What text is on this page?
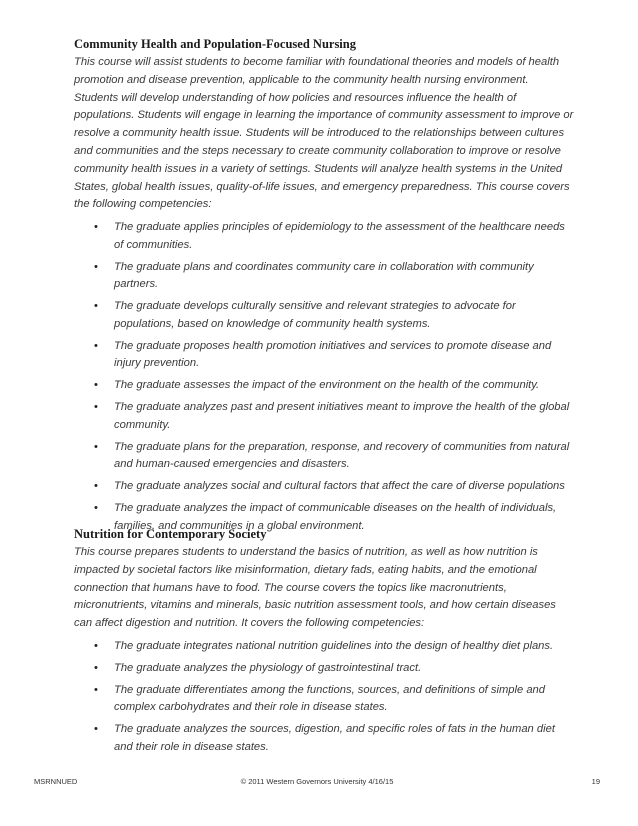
Community Health and Population-Focused Nursing

This course will assist students to become familiar with foundational theories and models of health promotion and disease prevention, applicable to the community health nursing environment. Students will develop understanding of how policies and resources influence the health of populations. Students will engage in learning the importance of community assessment to improve or resolve a community health issue. Students will be introduced to the relationships between cultures and communities and the steps necessary to create community collaboration to improve or resolve community health issues in a variety of settings. Students will analyze health systems in the United States, global health issues, quality-of-life issues, and emergency preparedness. This course covers the following competencies:

• The graduate applies principles of epidemiology to the assessment of the healthcare needs of communities.
• The graduate plans and coordinates community care in collaboration with community partners.
• The graduate develops culturally sensitive and relevant strategies to advocate for populations, based on knowledge of community health systems.
• The graduate proposes health promotion initiatives and services to promote disease and injury prevention.
• The graduate assesses the impact of the environment on the health of the community.
• The graduate analyzes past and present initiatives meant to improve the health of the global community.
• The graduate plans for the preparation, response, and recovery of communities from natural and human-caused emergencies and disasters.
• The graduate analyzes social and cultural factors that affect the care of diverse populations
• The graduate analyzes the impact of communicable diseases on the health of individuals, families, and communities in a global environment.
Nutrition for Contemporary Society

This course prepares students to understand the basics of nutrition, as well as how nutrition is impacted by societal factors like misinformation, dietary fads, eating habits, and the emotional connection that humans have to food. The course covers the topics like macronutrients, micronutrients, vitamins and minerals, basic nutrition assessment tools, and how certain diseases can affect digestion and nutrition. It covers the following competencies:

• The graduate integrates national nutrition guidelines into the design of healthy diet plans.
• The graduate analyzes the physiology of gastrointestinal tract.
• The graduate differentiates among the functions, sources, and definitions of simple and complex carbohydrates and their role in disease states.
• The graduate analyzes the sources, digestion, and specific roles of fats in the human diet and their role in disease states.
MSRNNUED	© 2011 Western Governors University 4/16/15	19
